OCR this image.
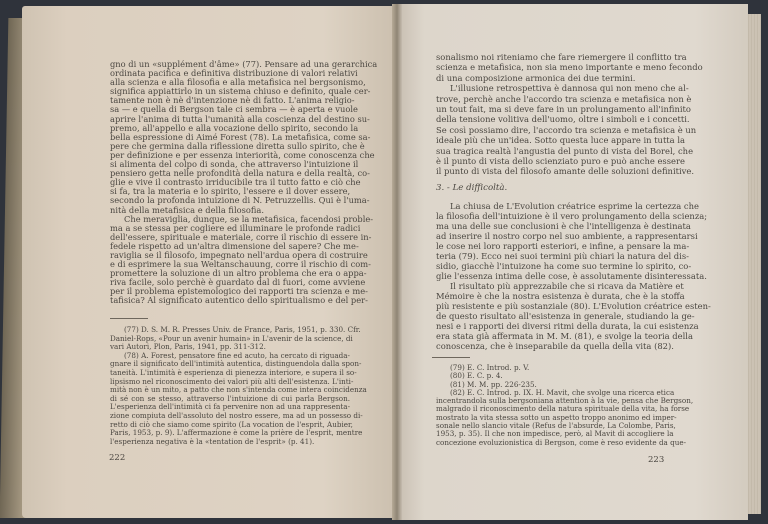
gno di un «supplément d'âme» (77). Pensare ad una gerarchica
ordinata pacifica e definitiva distribuzione di valori relativi
alla scienza e alla filosofia e alla metafisica nel bergsonismo,
significa appiattirlo in un sistema chiuso e definito, quale cer-
tamente non è nè d'intenzione nè di fatto. L'anima religio-
sa — e quella di Bergson tale ci sembra — è aperta e vuole
aprire l'anima di tutta l'umanità alla coscienza del destino su-
premo, all'appello e alla vocazione dello spirito, secondo la
bella espressione di Aimé Forest (78). La metafisica, come sa-
pere che germina dalla riflessione diretta sullo spirito, che è
per definizione e per essenza interiorità, come conoscenza che
si alimenta del colpo di sonda, che attraverso l'intuizione il
pensiero getta nelle profondità della natura e della realtà, co-
glie e vive il contrasto irriducibile tra il tutto fatto e ciò che
si fa, tra la materia e lo spirito, l'essere e il dover essere,
secondo la profonda intuizione di N. Petruzzellis. Qui è l'uma-
nità della metafisica e della filosofia.
Che meraviglia, dunque, se la metafisica, facendosi proble-
ma a se stessa per cogliere ed illuminare le profonde radici
dell'essere, spirituale e materiale, corre il rischio di essere in-
fedele rispetto ad un'altra dimensione del sapere? Che me-
raviglia se il filosofo, impegnato nell'ardua opera di costruire
e di esprimere la sua Weltanschauung, corre il rischio di com-
promettere la soluzione di un altro problema che era o appa-
riva facile, solo perchè è guardato dal di fuori, come avviene
per il problema epistemologico dei rapporti tra scienza e me-
tafisica? Al significato autentico dello spiritualismo e del per-
(77) D. S. M. R. Presses Univ. de France, Paris, 1951, p. 330. Cfr.
Daniel-Rops, «Pour un avenir humain» in L'avenir de la science, di
vari Autori, Plon, Paris, 1941, pp. 311-312.
(78) A. Forest, pensatore fine ed acuto, ha cercato di riguada-
gnare il significato dell'intimità autentica, distinguendola dalla spon-
taneità. L'intimità è esperienza di pienezza interiore, e supera il so-
lipsismo nel riconoscimento dei valori più alti dell'esistenza. L'inti-
mità non è un mito, a patto che non s'intenda come intera coincidenza
di sé con se stesso, attraverso l'intuizione di cui parla Bergson.
L'esperienza dell'intimità ci fa pervenire non ad una rappresenta-
zione compiuta dell'assoluto del nostro essere, ma ad un possesso di-
retto di ciò che siamo come spirito (La vocation de l'esprit, Aubier,
Paris, 1953, p. 9). L'affermazione è come la prière de l'esprit, mentre
l'esperienza negativa è la «tentation de l'esprit» (p. 41).
222
sonalismo noi riteniamo che fare riemergere il conflitto tra
scienza e metafisica, non sia meno importante e meno fecondo
di una composizione armonica dei due termini.
L'illusione retrospettiva è dannosa qui non meno che al-
trove, perchè anche l'accordo tra scienza e metafisica non è
un tout fait, ma si deve fare in un prolungamento all'infinito
della tensione volitiva dell'uomo, oltre i simboli e i concetti.
Se così possiamo dire, l'accordo tra scienza e metafisica è un
ideale più che un'idea. Sotto questa luce appare in tutta la
sua tragica realtà l'angustia del punto di vista del Borel, che
è il punto di vista dello scienziato puro e può anche essere
il punto di vista del filosofo amante delle soluzioni definitive.
3. - Le difficoltà.
La chiusa de L'Evolution créatrice esprime la certezza che
la filosofia dell'intuizione è il vero prolungamento della scienza;
ma una delle sue conclusioni è che l'intelligenza è destinata
ad inserire il nostro corpo nel suo ambiente, a rappresentarsi
le cose nei loro rapporti esteriori, e infine, a pensare la ma-
teria (79). Ecco nei suoi termini più chiari la natura del dis-
sidio, giacchè l'intuizone ha come suo termine lo spirito, co-
glie l'essenza intima delle cose, è assolutamente disinteressata.
Il risultato più apprezzabile che si ricava da Matière et
Mémoire è che la nostra esistenza è durata, che è la stoffa
più resistente e più sostanziale (80). L'Evolution créatrice esten-
de questo risultato all'esistenza in generale, studiando la ge-
nesi e i rapporti dei diversi ritmi della durata, la cui esistenza
era stata già affermata in M. M. (81), e svolge la teoria della
conoscenza, che è inseparabile da quella della vita (82).
(79) E. C. Introd. p. V.
(80) E. C. p. 4.
(81) M. M. pp. 226-235.
(82) E. C. Introd. p. IX. H. Mavit, che svolge una ricerca etica
incentrandola sulla bergsoniana attention à la vie, pensa che Bergson,
malgrado il riconoscimento della natura spirituale della vita, ha forse
mostrato la vita stessa sotto un aspetto troppo anonimo ed imper-
sonale nello slancio vitale (Refus de l'absurde, La Colombe, Paris,
1953, p. 35). Il che non impedisce, però, al Mavit di accogliere la
concezione evoluzionistica di Bergson, come è reso evidente da que-
223
